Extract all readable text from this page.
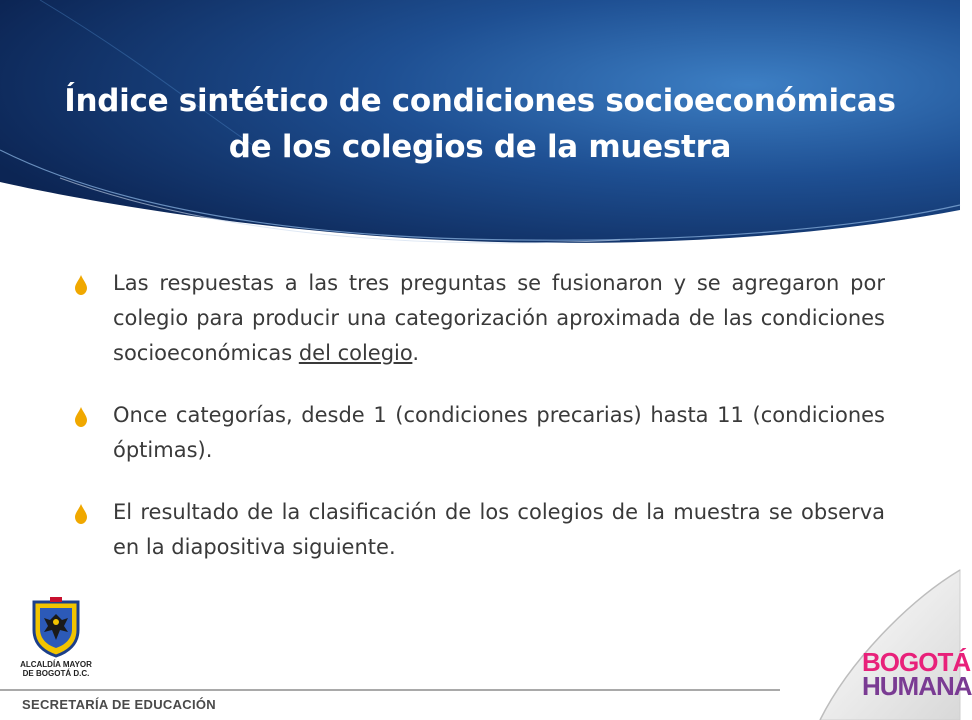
Índice sintético de condiciones socioeconómicas
de los colegios de la muestra
Las respuestas a las tres preguntas se fusionaron y se agregaron por colegio para producir una categorización aproximada de las condiciones socioeconómicas del colegio.
Once categorías, desde 1 (condiciones precarias) hasta 11 (condiciones óptimas).
El resultado de la clasificación de los colegios de la muestra se observa en la diapositiva siguiente.
ALCALDÍA MAYOR
DE BOGOTÁ D.C.
SECRETARÍA DE EDUCACIÓN
BOGOTÁ
HUMANA
